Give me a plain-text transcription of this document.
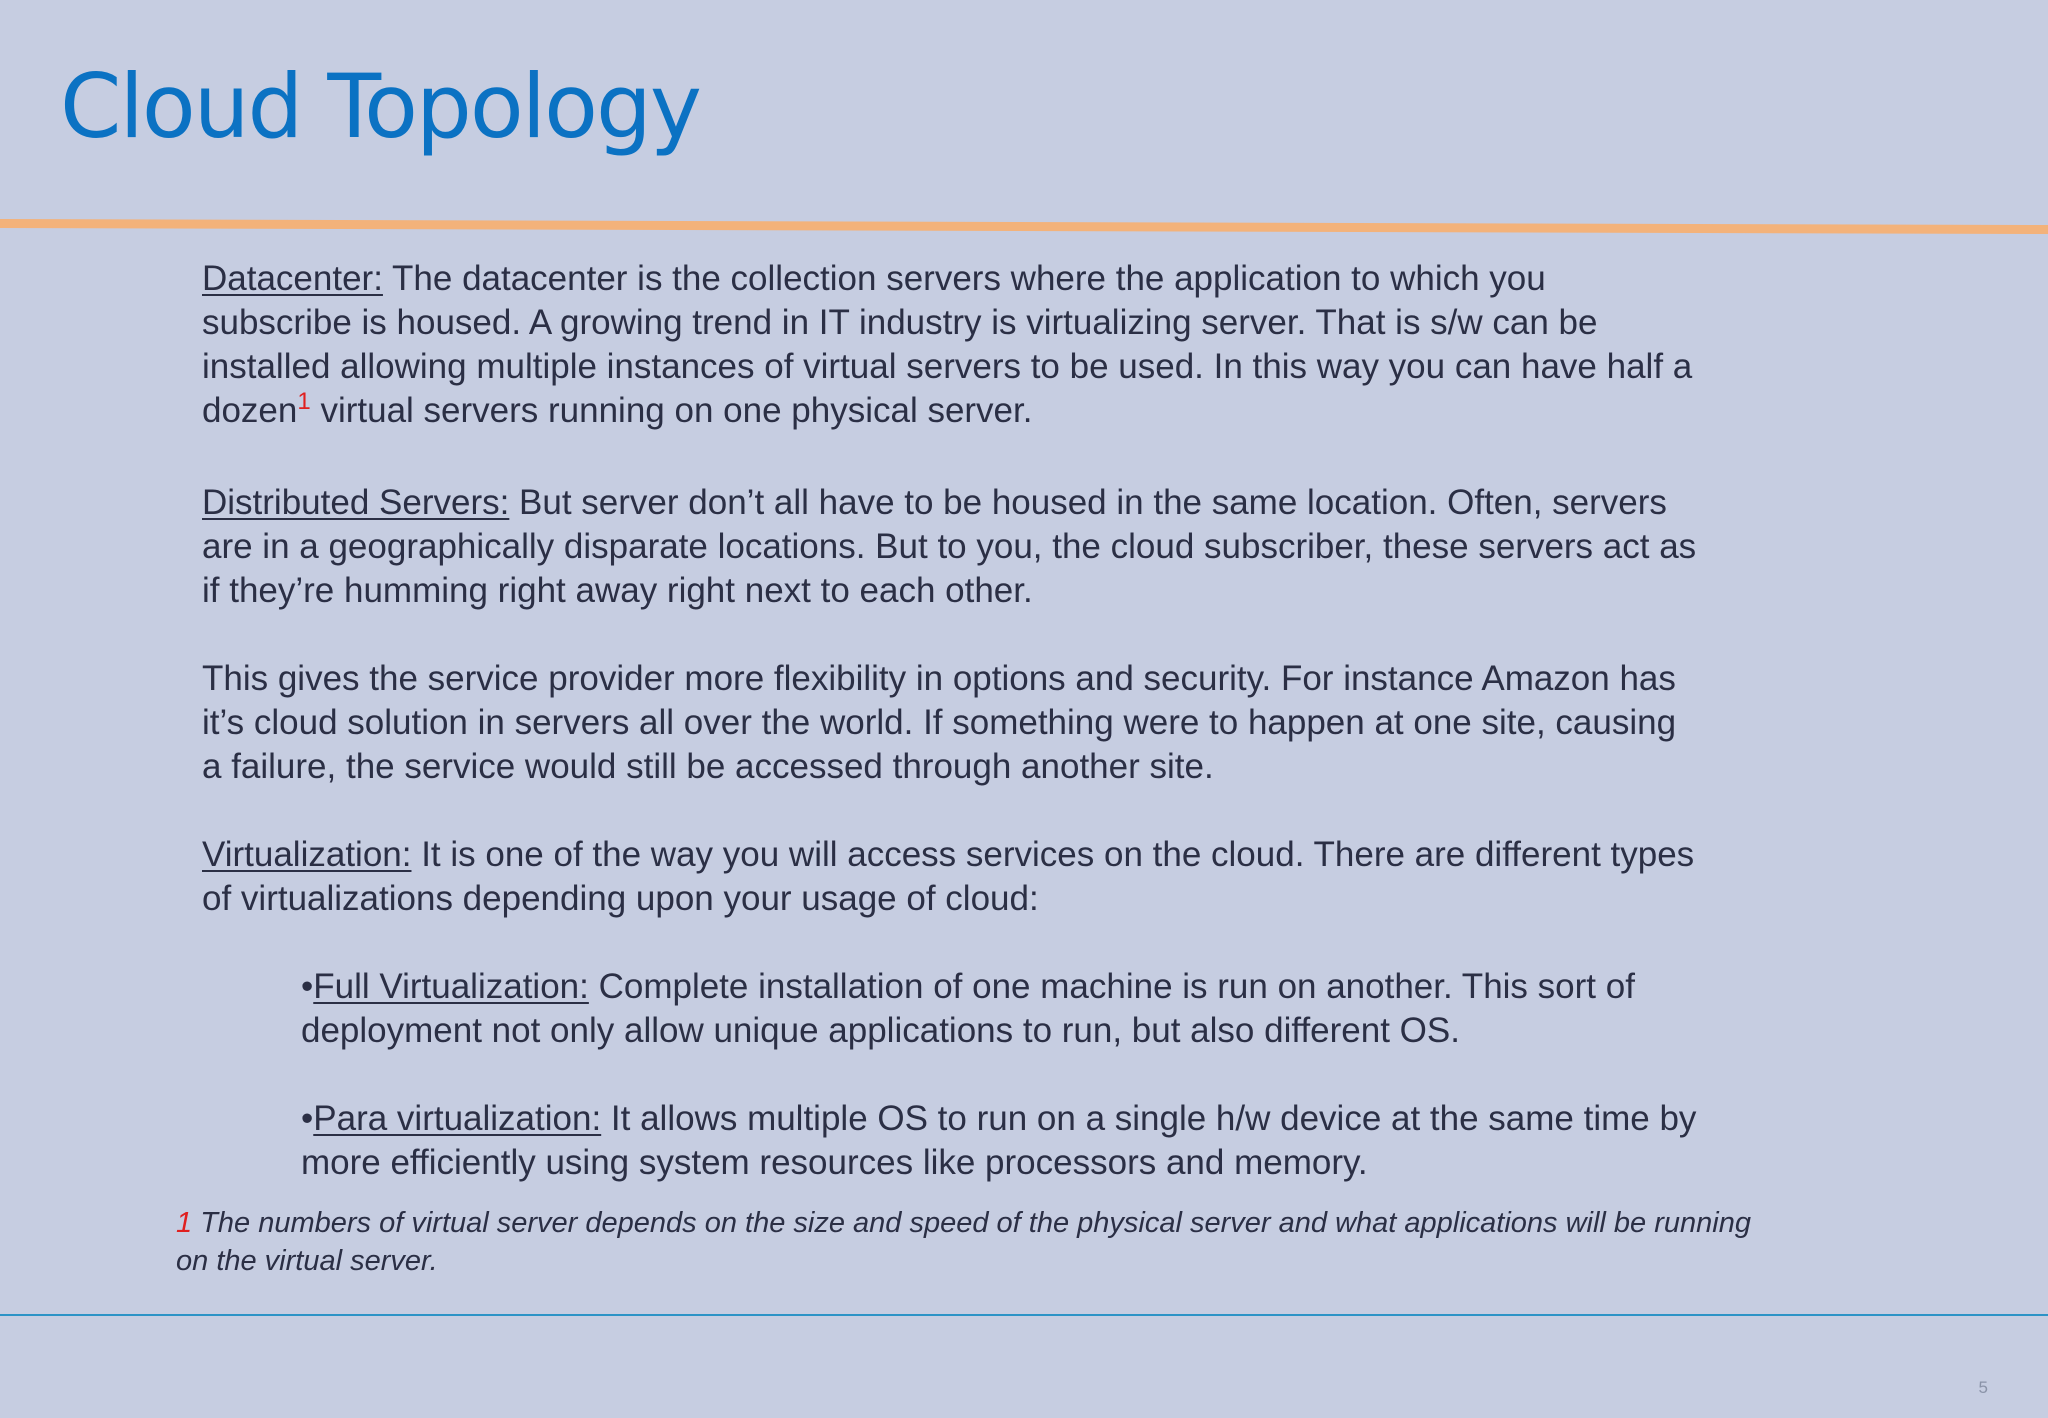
Cloud Topology

Datacenter: The datacenter is the collection servers where the application to which you subscribe is housed. A growing trend in IT industry is virtualizing server. That is s/w can be installed allowing multiple instances of virtual servers to be used. In this way you can have half a dozen$^1$ virtual servers running on one physical server.

Distributed Servers: But server don’t all have to be housed in the same location. Often, servers are in a geographically disparate locations. But to you, the cloud subscriber, these servers act as if they’re humming right away right next to each other.

This gives the service provider more flexibility in options and security. For instance Amazon has it’s cloud solution in servers all over the world. If something were to happen at one site, causing a failure, the service would still be accessed through another site.

Virtualization: It is one of the way you will access services on the cloud. There are different types of virtualizations depending upon your usage of cloud:

•Full Virtualization: Complete installation of one machine is run on another. This sort of deployment not only allow unique applications to run, but also different OS.

•Para virtualization: It allows multiple OS to run on a single h/w device at the same time by more efficiently using system resources like processors and memory.

1 The numbers of virtual server depends on the size and speed of the physical server and what applications will be running on the virtual server.

5
